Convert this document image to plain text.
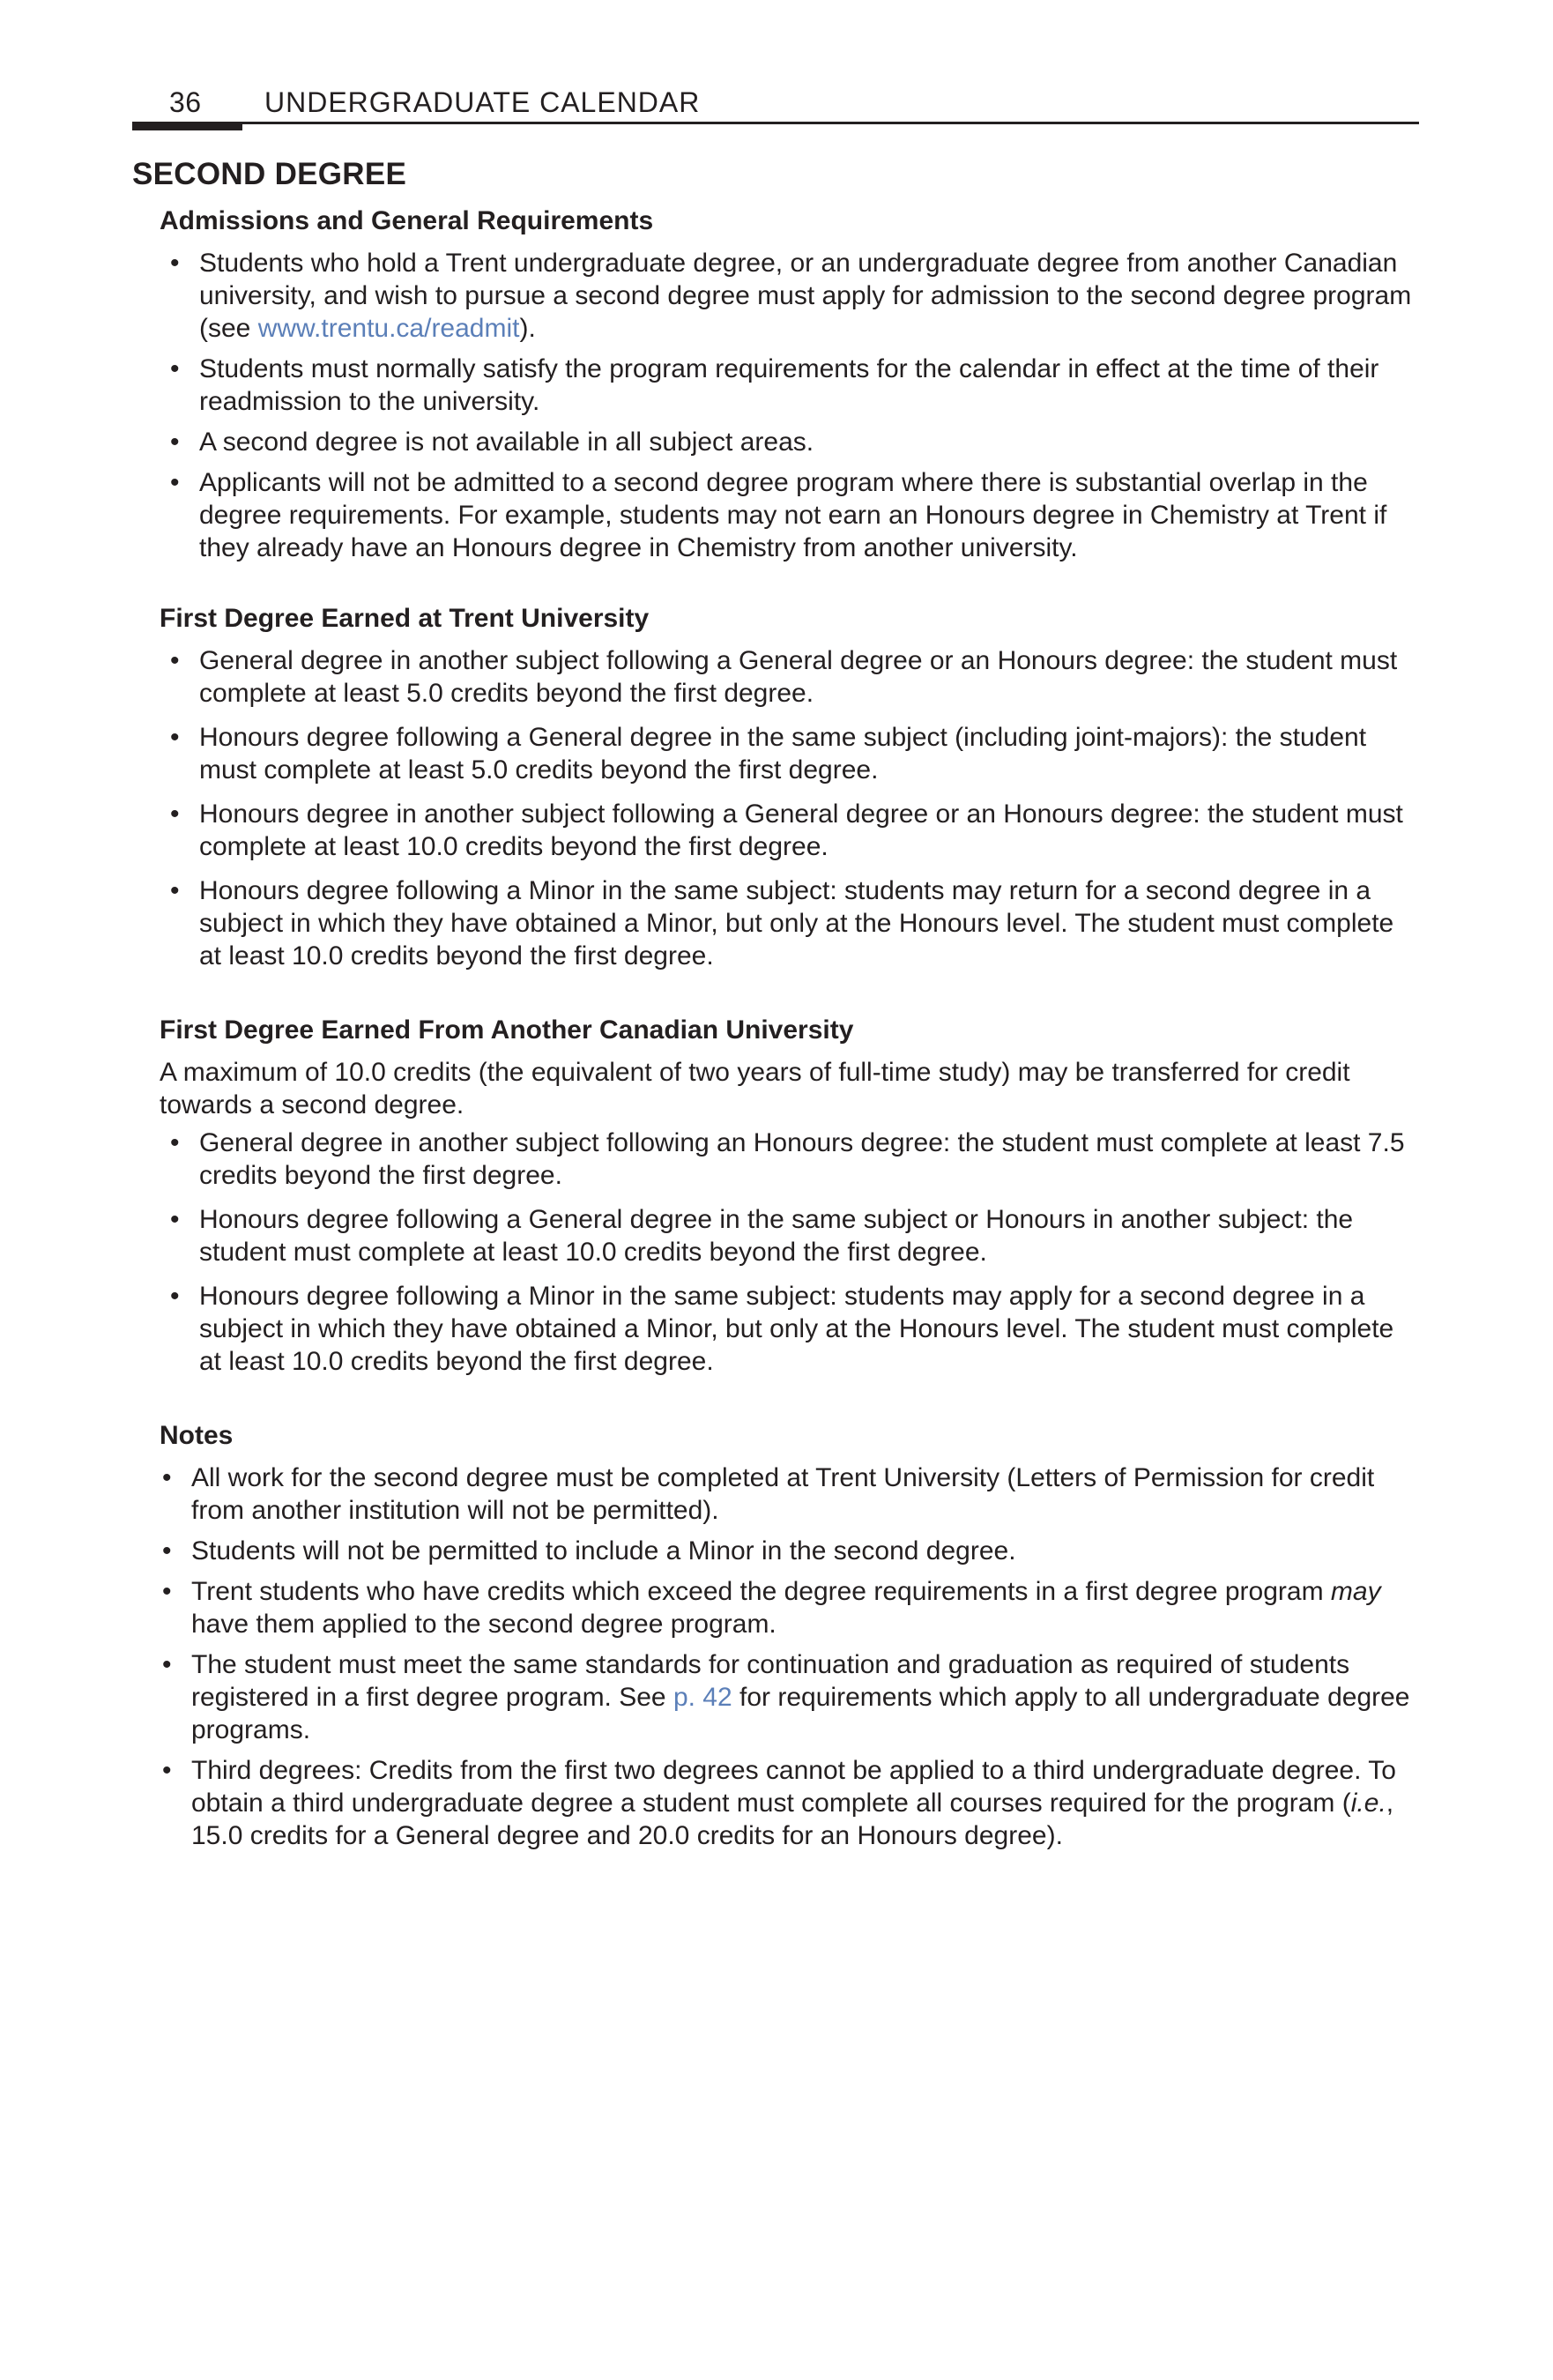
36 UNDERGRADUATE CALENDAR
SECOND DEGREE
Admissions and General Requirements
• Students who hold a Trent undergraduate degree, or an undergraduate degree from another Canadian university, and wish to pursue a second degree must apply for admission to the second degree program (see www.trentu.ca/readmit).
• Students must normally satisfy the program requirements for the calendar in effect at the time of their readmission to the university.
• A second degree is not available in all subject areas.
• Applicants will not be admitted to a second degree program where there is substantial overlap in the degree requirements. For example, students may not earn an Honours degree in Chemistry at Trent if they already have an Honours degree in Chemistry from another university.
First Degree Earned at Trent University
• General degree in another subject following a General degree or an Honours degree: the student must complete at least 5.0 credits beyond the first degree.
• Honours degree following a General degree in the same subject (including joint-majors): the student must complete at least 5.0 credits beyond the first degree.
• Honours degree in another subject following a General degree or an Honours degree: the student must complete at least 10.0 credits beyond the first degree.
• Honours degree following a Minor in the same subject: students may return for a second degree in a subject in which they have obtained a Minor, but only at the Honours level. The student must complete at least 10.0 credits beyond the first degree.
First Degree Earned From Another Canadian University
A maximum of 10.0 credits (the equivalent of two years of full-time study) may be transferred for credit towards a second degree.
• General degree in another subject following an Honours degree: the student must complete at least 7.5 credits beyond the first degree.
• Honours degree following a General degree in the same subject or Honours in another subject: the student must complete at least 10.0 credits beyond the first degree.
• Honours degree following a Minor in the same subject: students may apply for a second degree in a subject in which they have obtained a Minor, but only at the Honours level. The student must complete at least 10.0 credits beyond the first degree.
Notes
• All work for the second degree must be completed at Trent University (Letters of Permission for credit from another institution will not be permitted).
• Students will not be permitted to include a Minor in the second degree.
• Trent students who have credits which exceed the degree requirements in a first degree program may have them applied to the second degree program.
• The student must meet the same standards for continuation and graduation as required of students registered in a first degree program. See p. 42 for requirements which apply to all undergraduate degree programs.
• Third degrees: Credits from the first two degrees cannot be applied to a third undergraduate degree. To obtain a third undergraduate degree a student must complete all courses required for the program (i.e., 15.0 credits for a General degree and 20.0 credits for an Honours degree).
